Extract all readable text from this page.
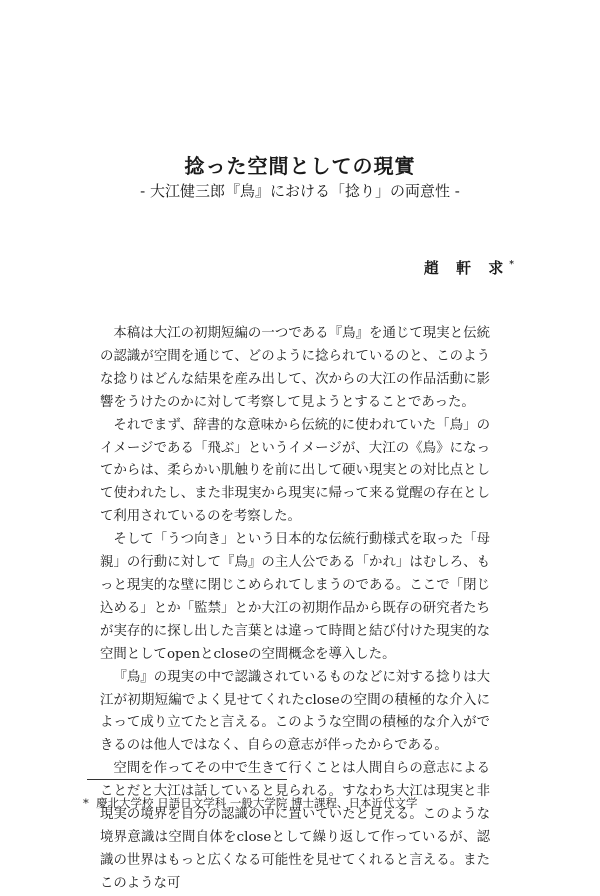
捻った空間としての現實
- 大江健三郎『鳥』における「捻り」の両意性 -
趙 軒 求*

本稿は大江の初期短編の一つである『鳥』を通じて現実と伝統の認識が空間を通じて、どのように捻られているのと、このような捻りはどんな結果を産み出して、次からの大江の作品活動に影響をうけたのかに対して考察して見ようとすることであった。

それでまず、辞書的な意味から伝統的に使われていた「鳥」のイメージである「飛ぶ」というイメージが、大江の《鳥》になってからは、柔らかい肌触りを前に出して硬い現実との対比点として使われたし、また非現実から現実に帰って来る覚醒の存在として利用されているのを考察した。

そして「うつ向き」という日本的な伝統行動様式を取った「母親」の行動に対して『鳥』の主人公である「かれ」はむしろ、もっと現実的な壁に閉じこめられてしまうのである。ここで「閉じ込める」とか「監禁」とか大江の初期作品から既存の研究者たちが実存的に探し出した言葉とは違って時間と結び付けた現実的な空間としてopenとcloseの空間概念を導入した。

『鳥』の現実の中で認識されているものなどに対する捻りは大江が初期短編でよく見せてくれたcloseの空間の積極的な介入によって成り立てたと言える。このような空間の積極的な介入ができるのは他人ではなく、自らの意志が伴ったからである。

空間を作ってその中で生きて行くことは人間自らの意志によることだと大江は話していると見られる。すなわち大江は現実と非現実の境界を自分の認識の中に置いていたと見える。このような境界意識は空間自体をcloseとして繰り返して作っているが、認識の世界はもっと広くなる可能性を見せてくれると言える。またこのような可

* 慶北大学校 日語日文学科 一般大学院 博士課程、日本近代文学
